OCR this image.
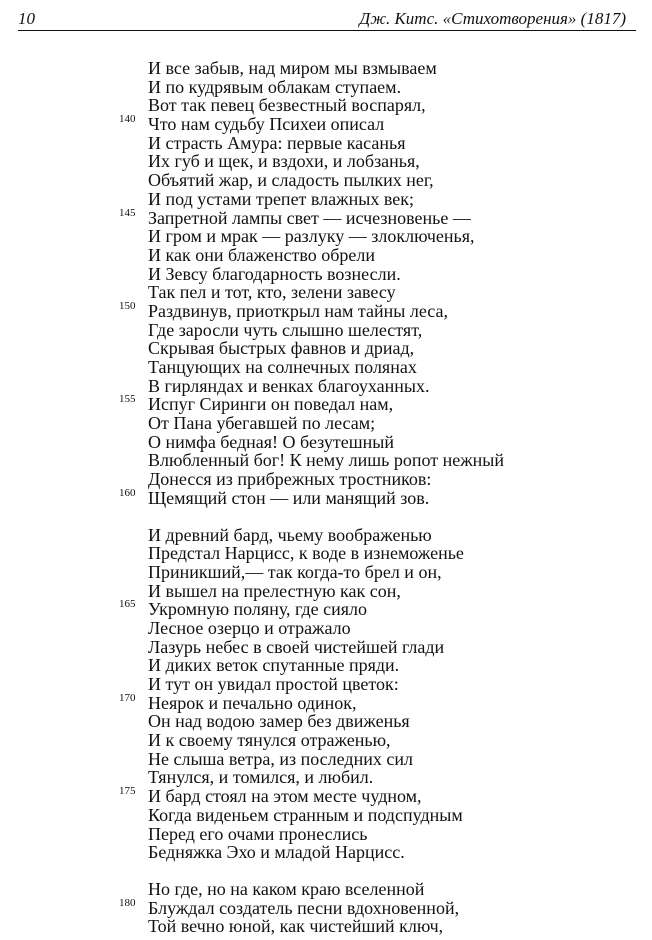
10	Дж. Китс. «Стихотворения» (1817)
И все забыв, над миром мы взмываем
И по кудрявым облакам ступаем.
Вот так певец безвестный воспарял,
140 Что нам судьбу Психеи описал
И страсть Амура: первые касанья
Их губ и щек, и вздохи, и лобзанья,
Объятий жар, и сладость пылких нег,
И под устами трепет влажных век;
145 Запретной лампы свет — исчезновенье —
И гром и мрак — разлуку — злоключенья,
И как они блаженство обрели
И Зевсу благодарность вознесли.
Так пел и тот, кто, зелени завесу
150 Раздвинув, приоткрыл нам тайны леса,
Где заросли чуть слышно шелестят,
Скрывая быстрых фавнов и дриад,
Танцующих на солнечных полянах
В гирляндах и венках благоуханных.
155 Испуг Сиринги он поведал нам,
От Пана убегавшей по лесам;
О нимфа бедная! О безутешный
Влюбленный бог! К нему лишь ропот нежный
Донесся из прибрежных тростников:
160 Щемящий стон — или манящий зов.
И древний бард, чьему воображенью
Предстал Нарцисс, к воде в изнеможенье
Приникший,— так когда-то брел и он,
И вышел на прелестную как сон,
165 Укромную поляну, где сияло
Лесное озерцо и отражало
Лазурь небес в своей чистейшей глади
И диких веток спутанные пряди.
И тут он увидал простой цветок:
170 Неярок и печально одинок,
Он над водою замер без движенья
И к своему тянулся отраженью,
Не слыша ветра, из последних сил
Тянулся, и томился, и любил.
175 И бард стоял на этом месте чудном,
Когда виденьем странным и подспудным
Перед его очами пронеслись
Бедняжка Эхо и младой Нарцисс.
Но где, но на каком краю вселенной
180 Блуждал создатель песни вдохновенной,
Той вечно юной, как чистейший ключ,
